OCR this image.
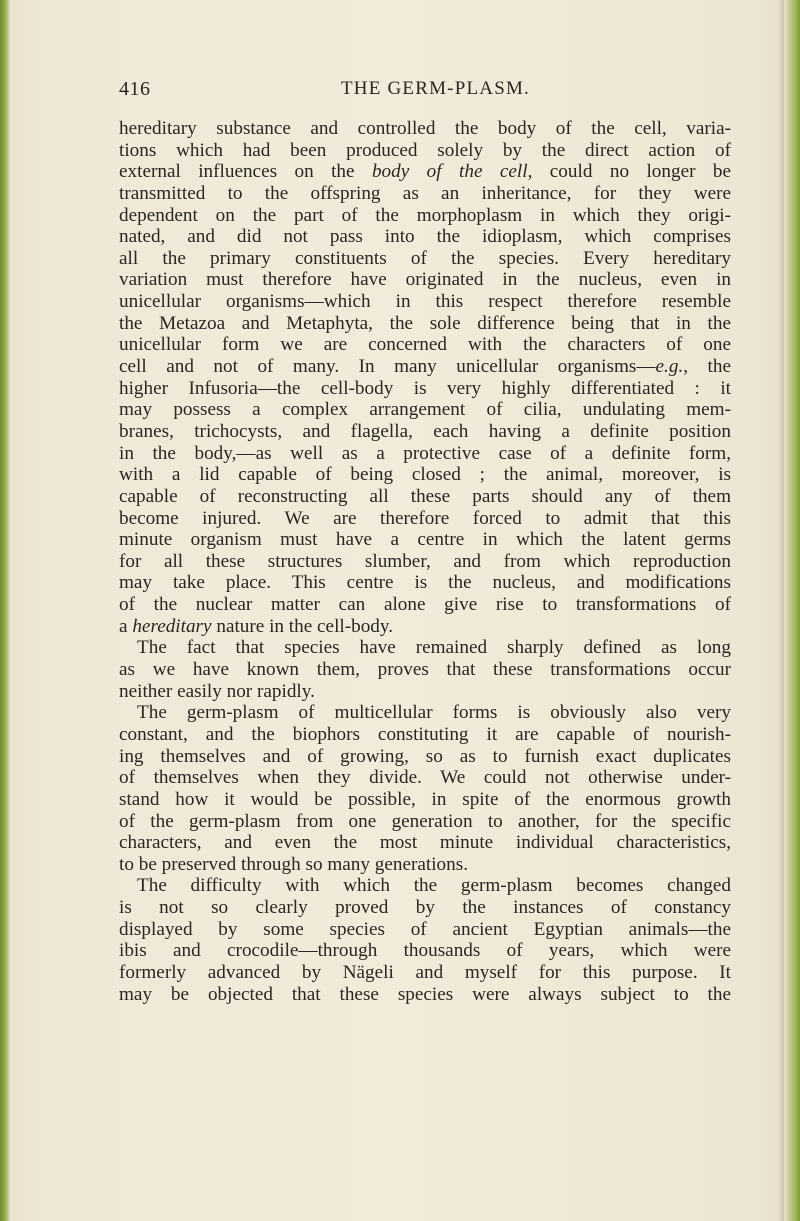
416	THE GERM-PLASM.
hereditary substance and controlled the body of the cell, varia-
tions which had been produced solely by the direct action of
external influences on the body of the cell, could no longer be
transmitted to the offspring as an inheritance, for they were
dependent on the part of the morphoplasm in which they origi-
nated, and did not pass into the idioplasm, which comprises
all the primary constituents of the species. Every hereditary
variation must therefore have originated in the nucleus, even in
unicellular organisms—which in this respect therefore resemble
the Metazoa and Metaphyta, the sole difference being that in the
unicellular form we are concerned with the characters of one
cell and not of many. In many unicellular organisms—e.g., the
higher Infusoria—the cell-body is very highly differentiated : it
may possess a complex arrangement of cilia, undulating mem-
branes, trichocysts, and flagella, each having a definite position
in the body,—as well as a protective case of a definite form,
with a lid capable of being closed ; the animal, moreover, is
capable of reconstructing all these parts should any of them
become injured. We are therefore forced to admit that this
minute organism must have a centre in which the latent germs
for all these structures slumber, and from which reproduction
may take place. This centre is the nucleus, and modifications
of the nuclear matter can alone give rise to transformations of
a hereditary nature in the cell-body.
The fact that species have remained sharply defined as long
as we have known them, proves that these transformations occur
neither easily nor rapidly.
The germ-plasm of multicellular forms is obviously also very
constant, and the biophors constituting it are capable of nourish-
ing themselves and of growing, so as to furnish exact duplicates
of themselves when they divide. We could not otherwise under-
stand how it would be possible, in spite of the enormous growth
of the germ-plasm from one generation to another, for the specific
characters, and even the most minute individual characteristics,
to be preserved through so many generations.
The difficulty with which the germ-plasm becomes changed
is not so clearly proved by the instances of constancy
displayed by some species of ancient Egyptian animals—the
ibis and crocodile—through thousands of years, which were
formerly advanced by Nägeli and myself for this purpose. It
may be objected that these species were always subject to the
